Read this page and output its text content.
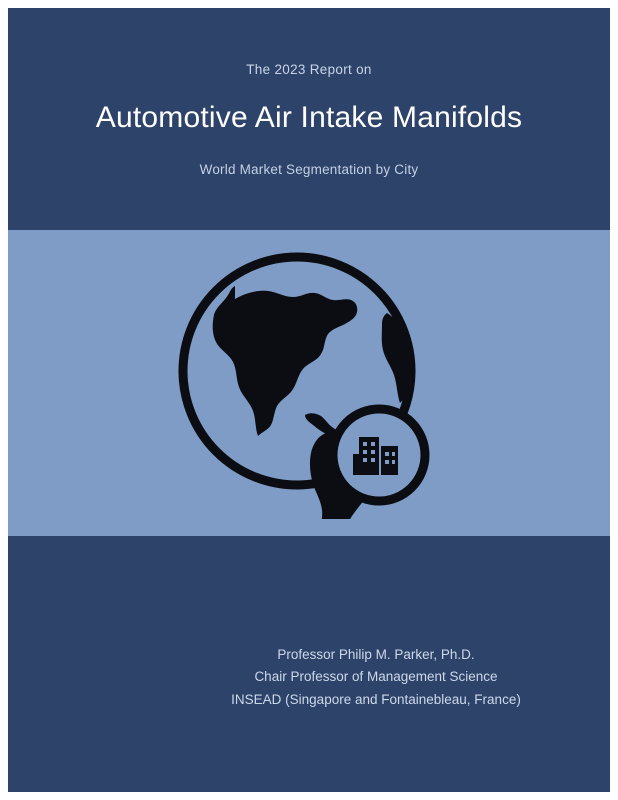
The 2023 Report on
Automotive Air Intake Manifolds
World Market Segmentation by City
Professor Philip M. Parker, Ph.D.
Chair Professor of Management Science
INSEAD (Singapore and Fontainebleau, France)
